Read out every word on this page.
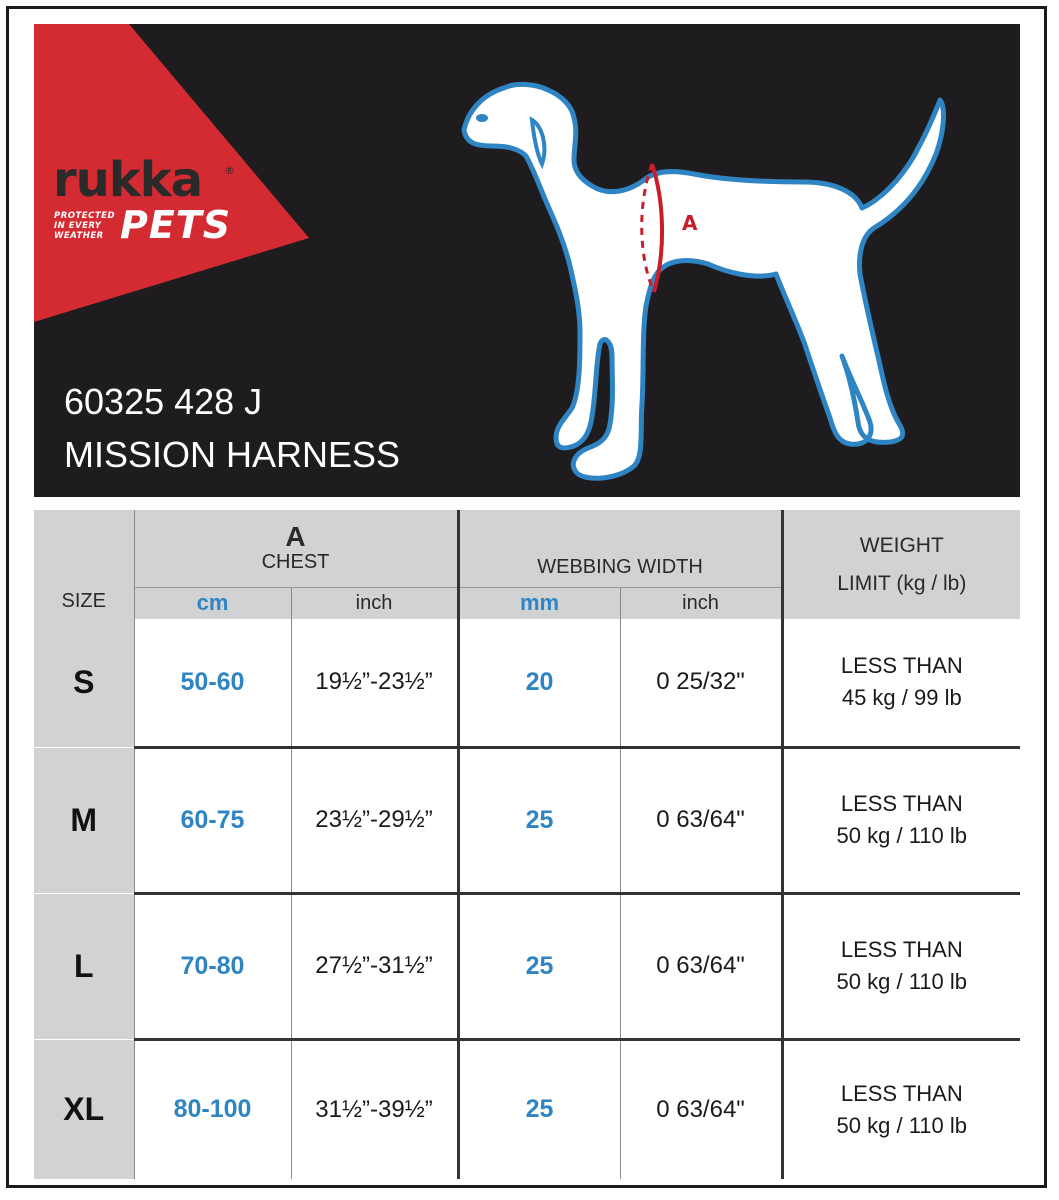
rukka ®
PROTECTED
IN EVERY
WEATHER PETS
60325 428 J
MISSION HARNESS
A
SIZE	A
CHEST		WEBBING WIDTH		WEIGHT
LIMIT (kg / lb)

	cm	inch	mm	inch	
S	50-60	19½”-23½”	20	0 25/32"	LESS THAN
45 kg / 99 lb

M	60-75	23½”-29½”	25	0 63/64"	LESS THAN
50 kg / 110 lb

L	70-80	27½”-31½”	25	0 63/64"	LESS THAN
50 kg / 110 lb

XL	80-100	31½”-39½”	25	0 63/64"	LESS THAN
50 kg / 110 lb
